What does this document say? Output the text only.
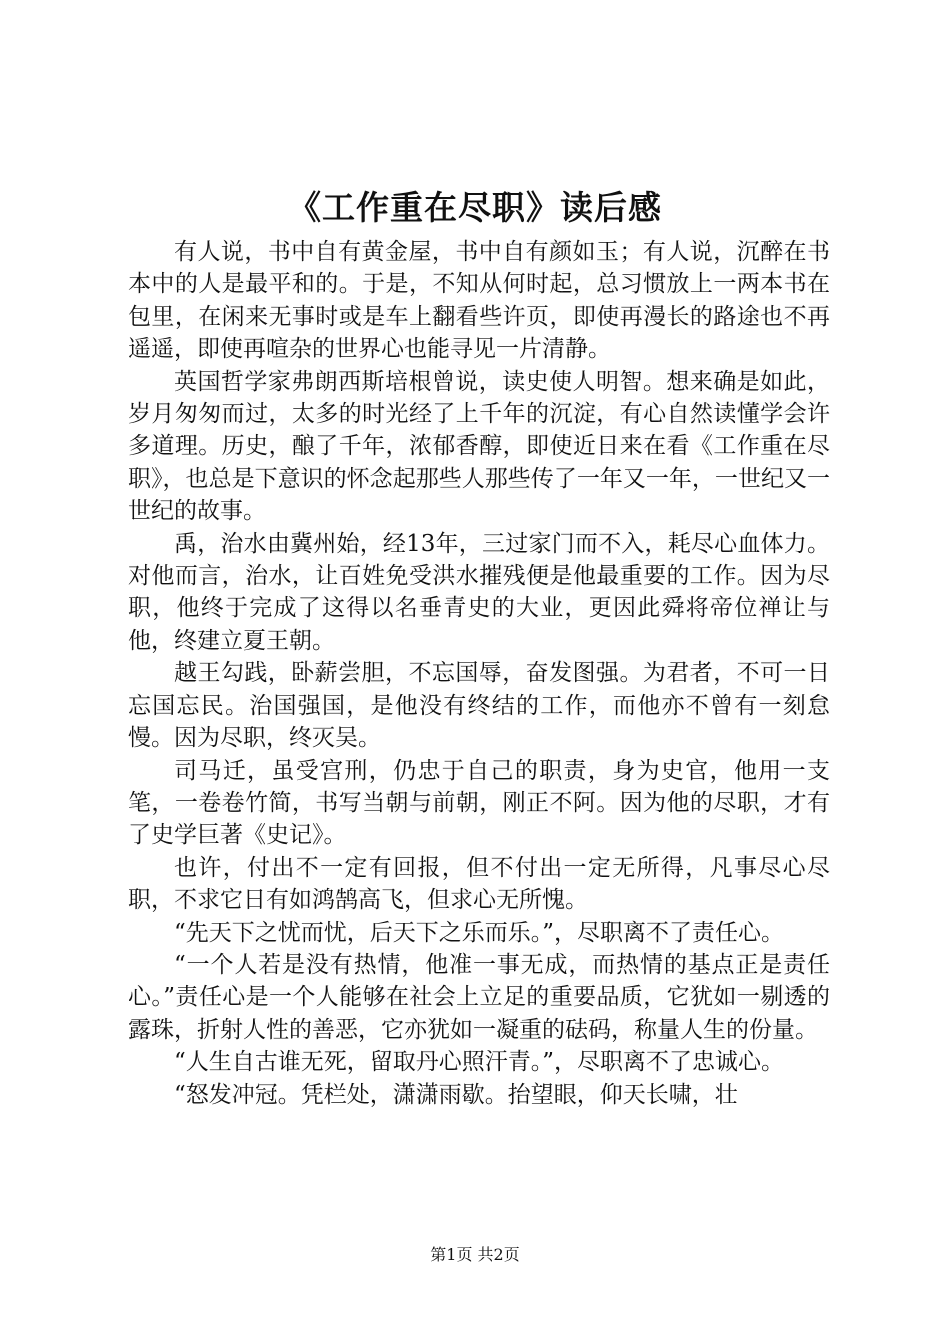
《工作重在尽职》读后感

有人说，书中自有黄金屋，书中自有颜如玉；有人说，沉醉在书本中的人是最平和的。于是，不知从何时起，总习惯放上一两本书在包里，在闲来无事时或是车上翻看些许页，即使再漫长的路途也不再遥遥，即使再喧杂的世界心也能寻见一片清静。

英国哲学家弗朗西斯培根曾说，读史使人明智。想来确是如此，岁月匆匆而过，太多的时光经了上千年的沉淀，有心自然读懂学会许多道理。历史，酿了千年，浓郁香醇，即使近日来在看《工作重在尽职》，也总是下意识的怀念起那些人那些传了一年又一年，一世纪又一世纪的故事。

禹，治水由冀州始，经13年，三过家门而不入，耗尽心血体力。对他而言，治水，让百姓免受洪水摧残便是他最重要的工作。因为尽职，他终于完成了这得以名垂青史的大业，更因此舜将帝位禅让与他，终建立夏王朝。

越王勾践，卧薪尝胆，不忘国辱，奋发图强。为君者，不可一日忘国忘民。治国强国，是他没有终结的工作，而他亦不曾有一刻怠慢。因为尽职，终灭吴。

司马迁，虽受宫刑，仍忠于自己的职责，身为史官，他用一支笔，一卷卷竹简，书写当朝与前朝，刚正不阿。因为他的尽职，才有了史学巨著《史记》。

也许，付出不一定有回报，但不付出一定无所得，凡事尽心尽职，不求它日有如鸿鹄高飞，但求心无所愧。

“先天下之忧而忧，后天下之乐而乐。”，尽职离不了责任心。

“一个人若是没有热情，他准一事无成，而热情的基点正是责任心。”责任心是一个人能够在社会上立足的重要品质，它犹如一剔透的露珠，折射人性的善恶，它亦犹如一凝重的砝码，称量人生的份量。

“人生自古谁无死，留取丹心照汗青。”，尽职离不了忠诚心。

“怒发冲冠。凭栏处，潇潇雨歇。抬望眼，仰天长啸，壮

第1页 共2页
